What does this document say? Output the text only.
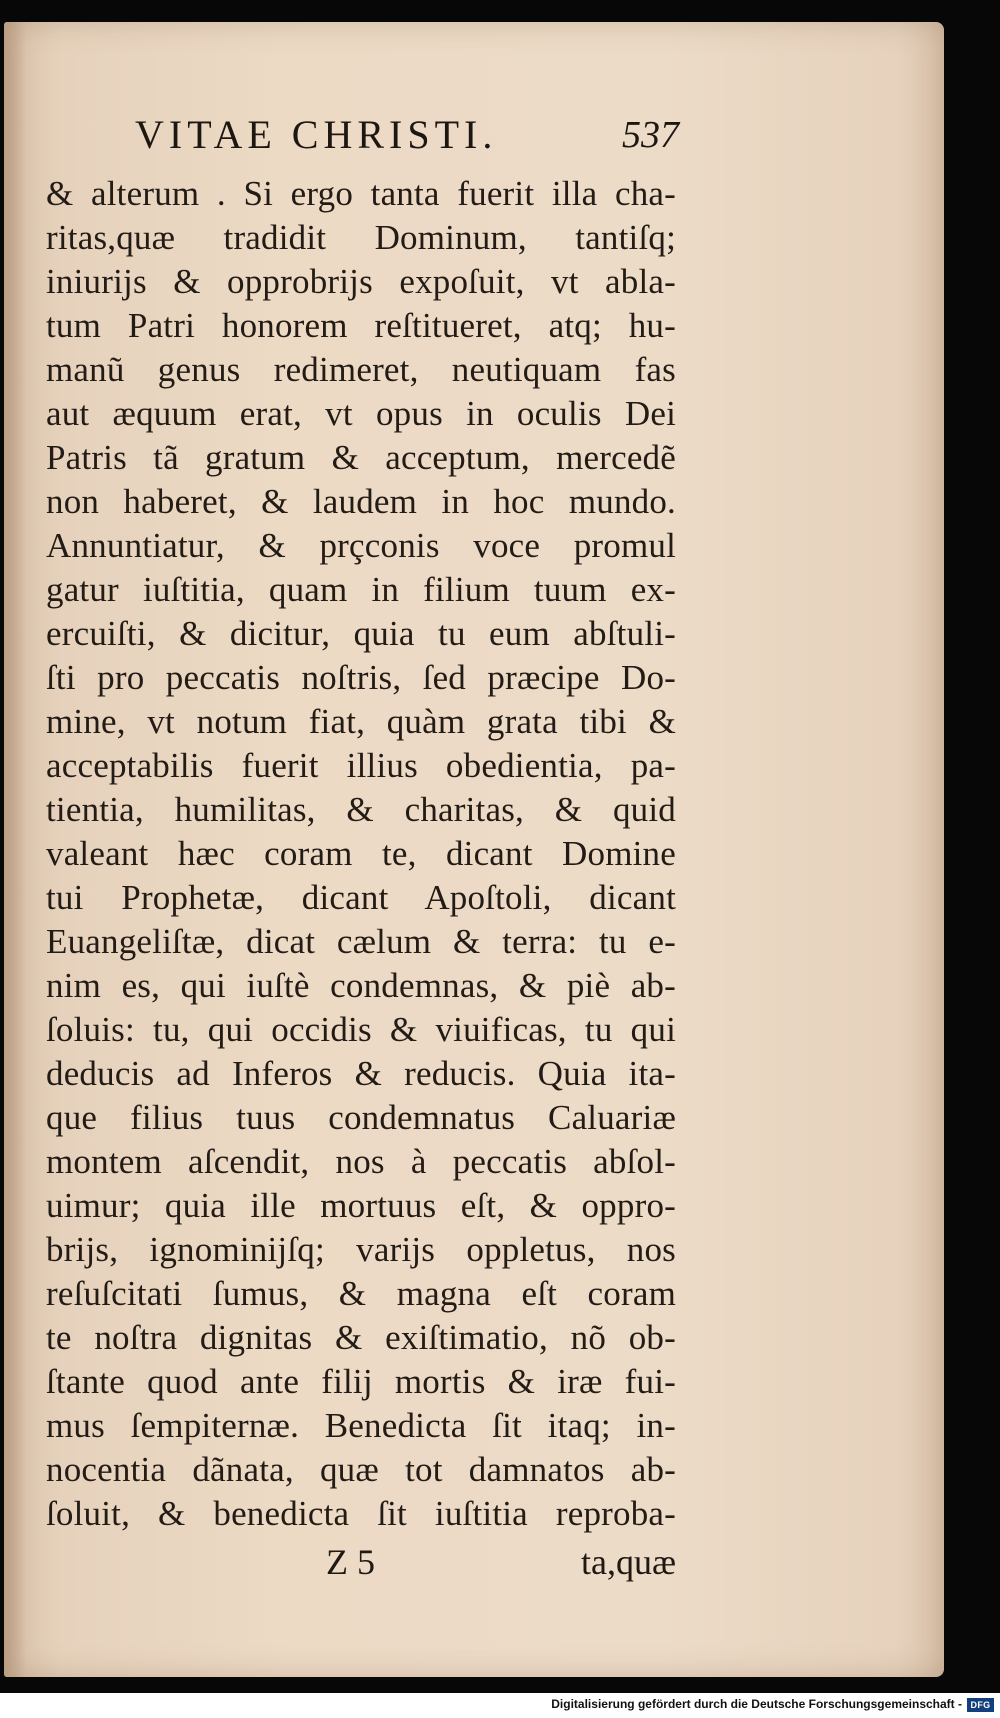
VITAE CHRISTI.	537
& alterum . Si ergo tanta fuerit illa cha-
ritas,quæ tradidit Dominum, tantiſq;
iniurijs & opprobrijs expoſuit, vt abla-
tum Patri honorem reſtitueret, atq; hu-
manũ genus redimeret, neutiquam fas
aut æquum erat, vt opus in oculis Dei
Patris tã gratum & acceptum, mercedẽ
non haberet, & laudem in hoc mundo.
Annuntiatur, & prçconis voce promul
gatur iuſtitia, quam in filium tuum ex-
ercuiſti, & dicitur, quia tu eum abſtuli-
ſti pro peccatis noſtris, ſed præcipe Do-
mine, vt notum fiat, quàm grata tibi &
acceptabilis fuerit illius obedientia, pa-
tientia, humilitas, & charitas, & quid
valeant hæc coram te, dicant Domine
tui Prophetæ, dicant Apoſtoli, dicant
Euangeliſtæ, dicat cælum & terra: tu e-
nim es, qui iuſtè condemnas, & piè ab-
ſoluis: tu, qui occidis & viuificas, tu qui
deducis ad Inferos & reducis. Quia ita-
que filius tuus condemnatus Caluariæ
montem aſcendit, nos à peccatis abſol-
uimur; quia ille mortuus eſt, & oppro-
brijs, ignominijſq; varijs oppletus, nos
reſuſcitati ſumus, & magna eſt coram
te noſtra dignitas & exiſtimatio, nõ ob-
ſtante quod ante filij mortis & iræ fui-
mus ſempiternæ. Benedicta ſit itaq; in-
nocentia dãnata, quæ tot damnatos ab-
ſoluit, & benedicta ſit iuſtitia reproba-
Z 5	ta,quæ
Digitalisierung gefördert durch die Deutsche Forschungsgemeinschaft - DFG
